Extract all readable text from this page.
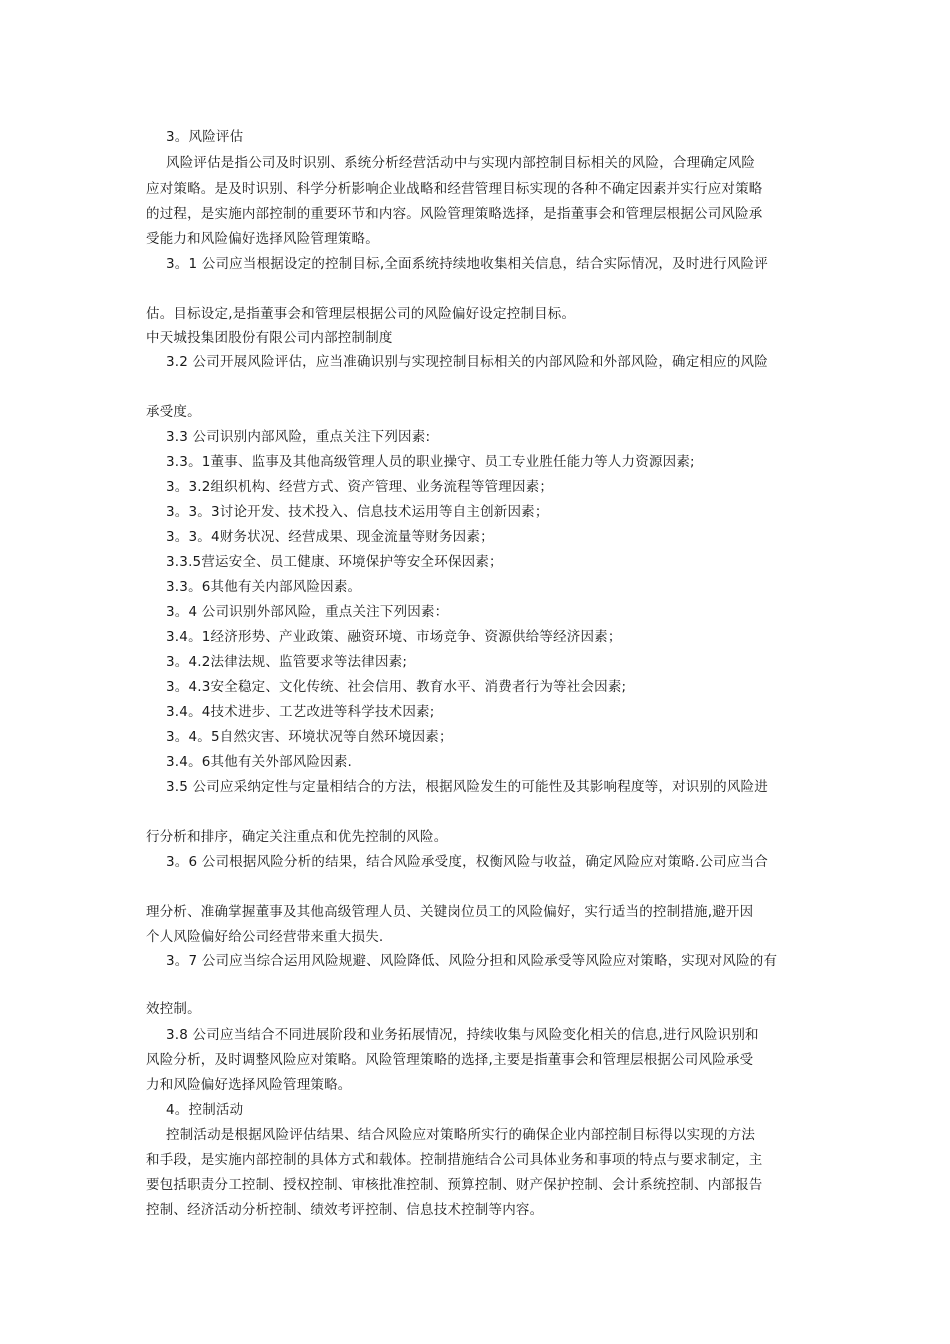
3。风险评估
风险评估是指公司及时识别、系统分析经营活动中与实现内部控制目标相关的风险，合理确定风险
应对策略。是及时识别、科学分析影响企业战略和经营管理目标实现的各种不确定因素并实行应对策略
的过程，是实施内部控制的重要环节和内容。风险管理策略选择，是指董事会和管理层根据公司风险承
受能力和风险偏好选择风险管理策略。
3。1 公司应当根据设定的控制目标,全面系统持续地收集相关信息，结合实际情况，及时进行风险评
估。目标设定,是指董事会和管理层根据公司的风险偏好设定控制目标。
中天城投集团股份有限公司内部控制制度
3.2 公司开展风险评估，应当准确识别与实现控制目标相关的内部风险和外部风险，确定相应的风险
承受度。
3.3 公司识别内部风险，重点关注下列因素:
3.3。1董事、监事及其他高级管理人员的职业操守、员工专业胜任能力等人力资源因素;
3。3.2组织机构、经营方式、资产管理、业务流程等管理因素；
3。3。3讨论开发、技术投入、信息技术运用等自主创新因素；
3。3。4财务状况、经营成果、现金流量等财务因素；
3.3.5营运安全、员工健康、环境保护等安全环保因素；
3.3。6其他有关内部风险因素。
3。4 公司识别外部风险，重点关注下列因素：
3.4。1经济形势、产业政策、融资环境、市场竞争、资源供给等经济因素；
3。4.2法律法规、监管要求等法律因素;
3。4.3安全稳定、文化传统、社会信用、教育水平、消费者行为等社会因素;
3.4。4技术进步、工艺改进等科学技术因素;
3。4。5自然灾害、环境状况等自然环境因素；
3.4。6其他有关外部风险因素.
3.5 公司应采纳定性与定量相结合的方法，根据风险发生的可能性及其影响程度等，对识别的风险进
行分析和排序，确定关注重点和优先控制的风险。
3。6 公司根据风险分析的结果，结合风险承受度，权衡风险与收益，确定风险应对策略.公司应当合
理分析、准确掌握董事及其他高级管理人员、关键岗位员工的风险偏好，实行适当的控制措施,避开因
个人风险偏好给公司经营带来重大损失.
3。7 公司应当综合运用风险规避、风险降低、风险分担和风险承受等风险应对策略，实现对风险的有
效控制。
3.8 公司应当结合不同进展阶段和业务拓展情况，持续收集与风险变化相关的信息,进行风险识别和
风险分析，及时调整风险应对策略。风险管理策略的选择,主要是指董事会和管理层根据公司风险承受
力和风险偏好选择风险管理策略。
4。控制活动
控制活动是根据风险评估结果、结合风险应对策略所实行的确保企业内部控制目标得以实现的方法
和手段，是实施内部控制的具体方式和载体。控制措施结合公司具体业务和事项的特点与要求制定，主
要包括职责分工控制、授权控制、审核批准控制、预算控制、财产保护控制、会计系统控制、内部报告
控制、经济活动分析控制、绩效考评控制、信息技术控制等内容。
